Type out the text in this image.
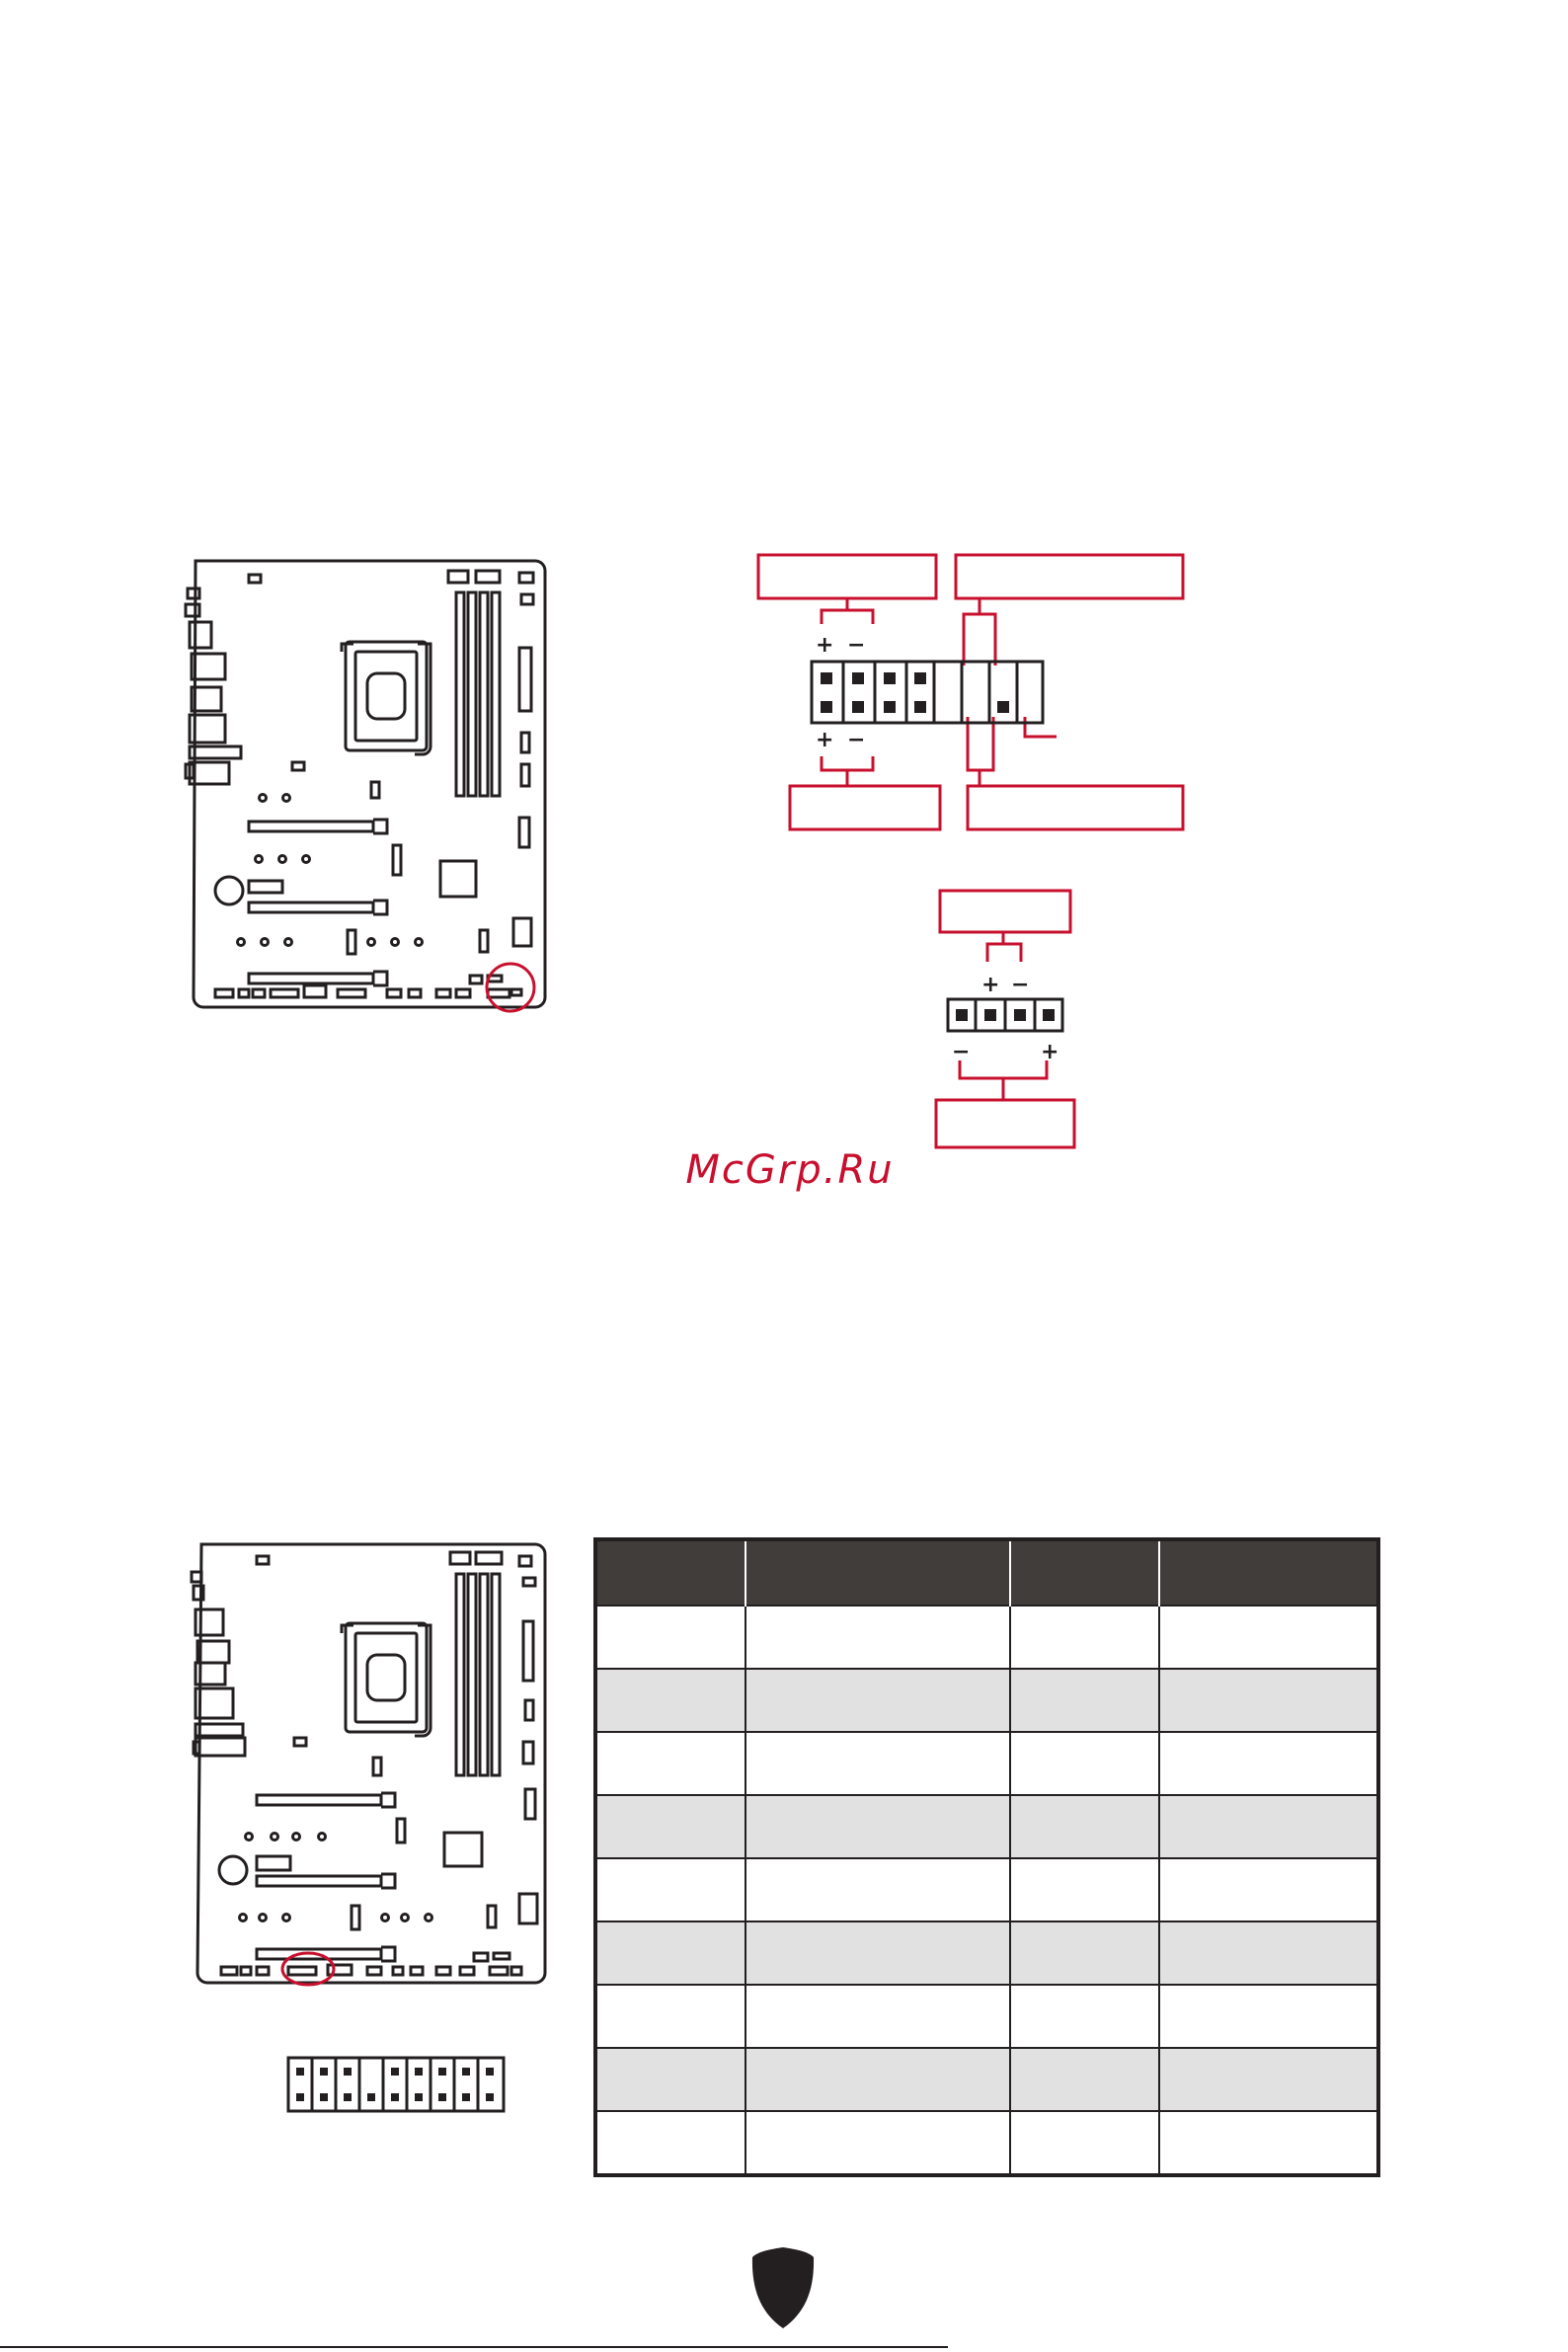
+ −
+ −
+ −
−	+
McGrp.Ru
